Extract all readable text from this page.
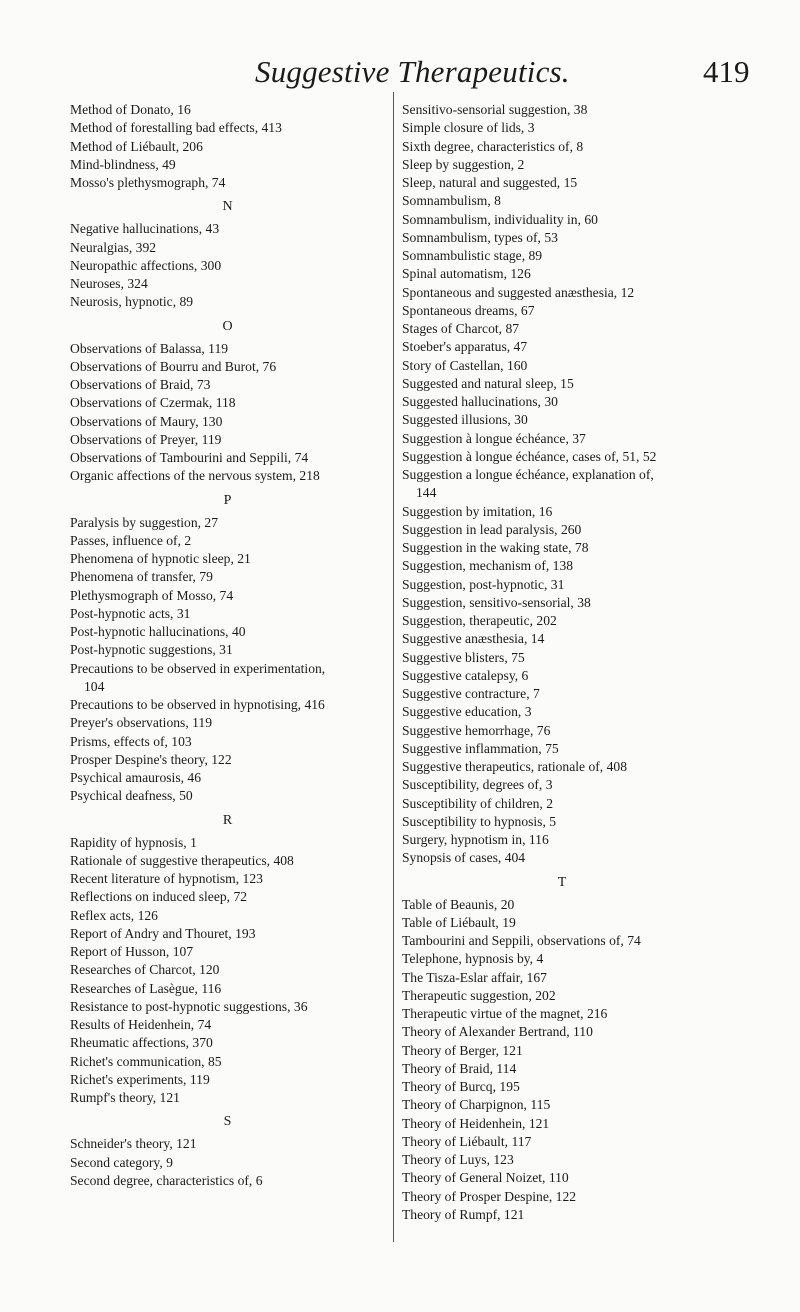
Suggestive Therapeutics.	419
Method of Donato, 16
Method of forestalling bad effects, 413
Method of Liébault, 206
Mind-blindness, 49
Mosso's plethysmograph, 74
N
Negative hallucinations, 43
Neuralgias, 392
Neuropathic affections, 300
Neuroses, 324
Neurosis, hypnotic, 89
O
Observations of Balassa, 119
Observations of Bourru and Burot, 76
Observations of Braid, 73
Observations of Czermak, 118
Observations of Maury, 130
Observations of Preyer, 119
Observations of Tambourini and Seppili, 74
Organic affections of the nervous system, 218
P
Paralysis by suggestion, 27
Passes, influence of, 2
Phenomena of hypnotic sleep, 21
Phenomena of transfer, 79
Plethysmograph of Mosso, 74
Post-hypnotic acts, 31
Post-hypnotic hallucinations, 40
Post-hypnotic suggestions, 31
Precautions to be observed in experimentation,
104
Precautions to be observed in hypnotising, 416
Preyer's observations, 119
Prisms, effects of, 103
Prosper Despine's theory, 122
Psychical amaurosis, 46
Psychical deafness, 50
R
Rapidity of hypnosis, 1
Rationale of suggestive therapeutics, 408
Recent literature of hypnotism, 123
Reflections on induced sleep, 72
Reflex acts, 126
Report of Andry and Thouret, 193
Report of Husson, 107
Researches of Charcot, 120
Researches of Lasègue, 116
Resistance to post-hypnotic suggestions, 36
Results of Heidenhein, 74
Rheumatic affections, 370
Richet's communication, 85
Richet's experiments, 119
Rumpf's theory, 121
S
Schneider's theory, 121
Second category, 9
Second degree, characteristics of, 6
Sensitivo-sensorial suggestion, 38
Simple closure of lids, 3
Sixth degree, characteristics of, 8
Sleep by suggestion, 2
Sleep, natural and suggested, 15
Somnambulism, 8
Somnambulism, individuality in, 60
Somnambulism, types of, 53
Somnambulistic stage, 89
Spinal automatism, 126
Spontaneous and suggested anæsthesia, 12
Spontaneous dreams, 67
Stages of Charcot, 87
Stoeber's apparatus, 47
Story of Castellan, 160
Suggested and natural sleep, 15
Suggested hallucinations, 30
Suggested illusions, 30
Suggestion à longue échéance, 37
Suggestion à longue échéance, cases of, 51, 52
Suggestion a longue échéance, explanation of,
144
Suggestion by imitation, 16
Suggestion in lead paralysis, 260
Suggestion in the waking state, 78
Suggestion, mechanism of, 138
Suggestion, post-hypnotic, 31
Suggestion, sensitivo-sensorial, 38
Suggestion, therapeutic, 202
Suggestive anæsthesia, 14
Suggestive blisters, 75
Suggestive catalepsy, 6
Suggestive contracture, 7
Suggestive education, 3
Suggestive hemorrhage, 76
Suggestive inflammation, 75
Suggestive therapeutics, rationale of, 408
Susceptibility, degrees of, 3
Susceptibility of children, 2
Susceptibility to hypnosis, 5
Surgery, hypnotism in, 116
Synopsis of cases, 404
T
Table of Beaunis, 20
Table of Liébault, 19
Tambourini and Seppili, observations of, 74
Telephone, hypnosis by, 4
The Tisza-Eslar affair, 167
Therapeutic suggestion, 202
Therapeutic virtue of the magnet, 216
Theory of Alexander Bertrand, 110
Theory of Berger, 121
Theory of Braid, 114
Theory of Burcq, 195
Theory of Charpignon, 115
Theory of Heidenhein, 121
Theory of Liébault, 117
Theory of Luys, 123
Theory of General Noizet, 110
Theory of Prosper Despine, 122
Theory of Rumpf, 121
